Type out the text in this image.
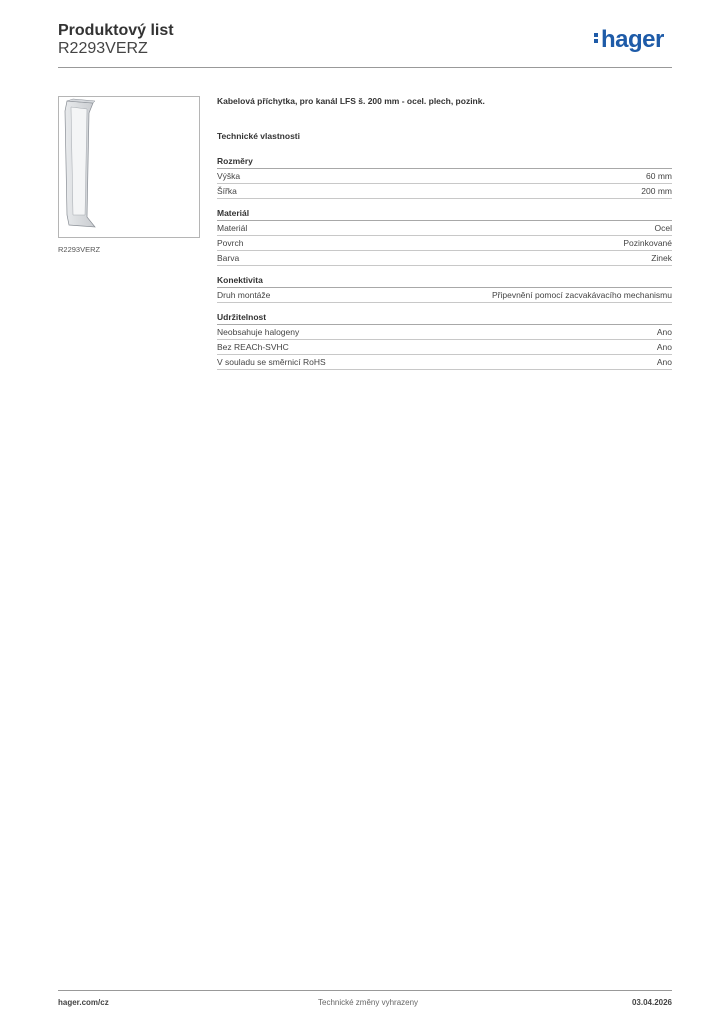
Produktový list
R2293VERZ	hager
R2293VERZ
Kabelová příchytka, pro kanál LFS š. 200 mm - ocel. plech, pozink.
Technické vlastnosti
Rozměry
Výška	60 mm
Šířka	200 mm
Materiál
Materiál	Ocel
Povrch	Pozinkované
Barva	Zinek
Konektivita
Druh montáže	Připevnění pomocí zacvakávacího mechanismu
Udržitelnost
Neobsahuje halogeny	Ano
Bez REACh-SVHC	Ano
V souladu se směrnicí RoHS	Ano
hager.com/cz	Technické změny vyhrazeny	03.04.2026
